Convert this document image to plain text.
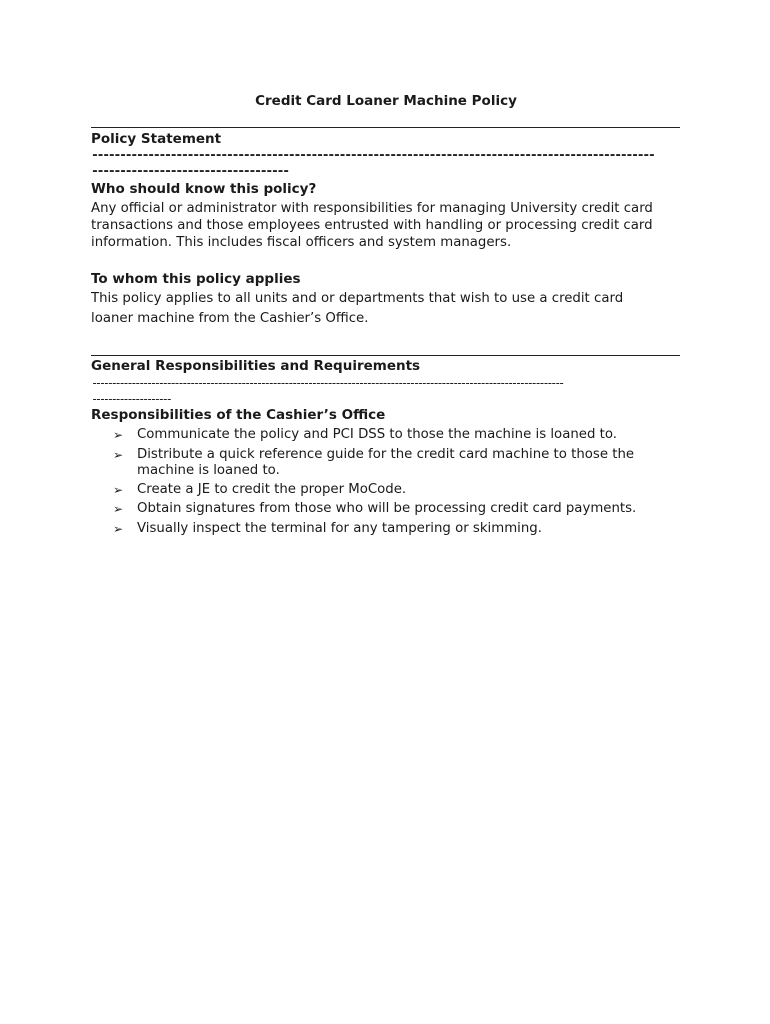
Credit Card Loaner Machine Policy
Policy Statement
----------------------------------------------------------------------------------------------------
-----------------------------------
Who should know this policy?
Any official or administrator with responsibilities for managing University credit card transactions and those employees entrusted with handling or processing credit card information. This includes fiscal officers and system managers.
To whom this policy applies
This policy applies to all units and or departments that wish to use a credit card
loaner machine from the Cashier’s Office.
General Responsibilities and Requirements
------------------------------------------------------------------------------------------------------------------------
--------------------
Responsibilities of the Cashier’s Office
➢ Communicate the policy and PCI DSS to those the machine is loaned to.
➢ Distribute a quick reference guide for the credit card machine to those the machine is loaned to.
➢ Create a JE to credit the proper MoCode.
➢ Obtain signatures from those who will be processing credit card payments.
➢ Visually inspect the terminal for any tampering or skimming.
